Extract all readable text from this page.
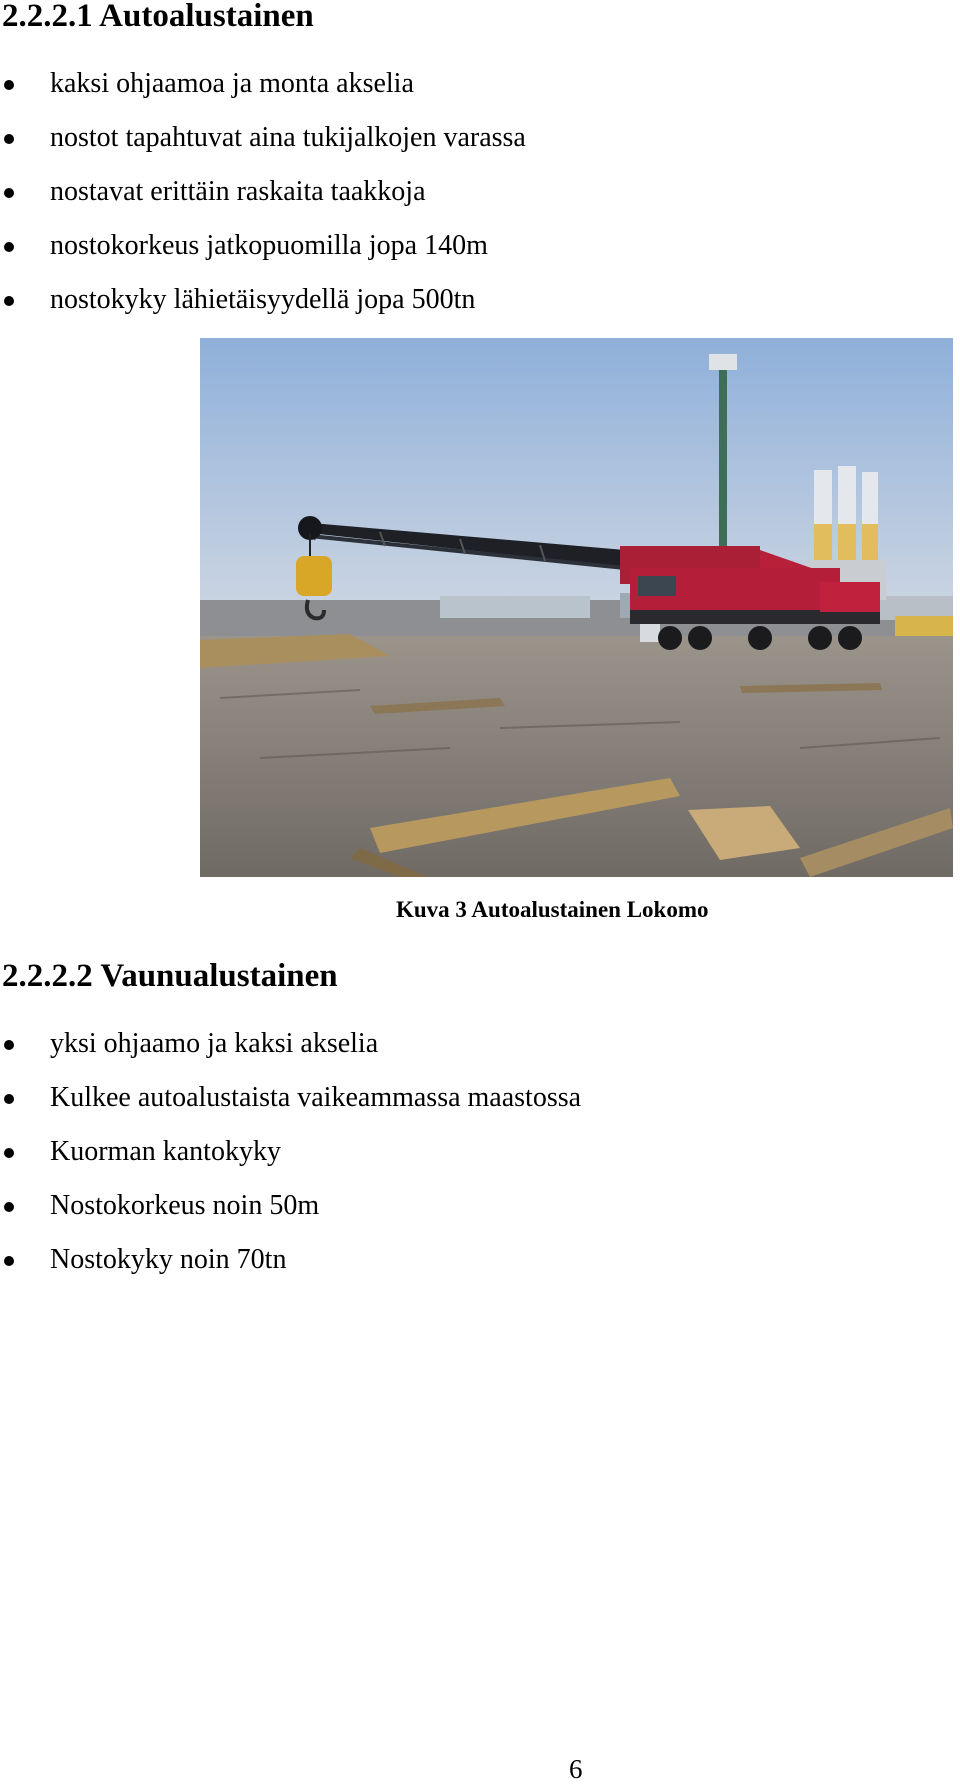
2.2.2.1 Autoalustainen
kaksi ohjaamoa ja monta akselia
nostot tapahtuvat aina tukijalkojen varassa
nostavat erittäin raskaita taakkoja
nostokorkeus jatkopuomilla jopa 140m
nostokyky lähietäisyydellä jopa 500tn

Kuva 3 Autoalustainen Lokomo

2.2.2.2 Vaunualustainen
yksi ohjaamo ja kaksi akselia
Kulkee autoalustaista vaikeammassa maastossa
Kuorman kantokyky
Nostokorkeus noin 50m
Nostokyky noin 70tn
6
